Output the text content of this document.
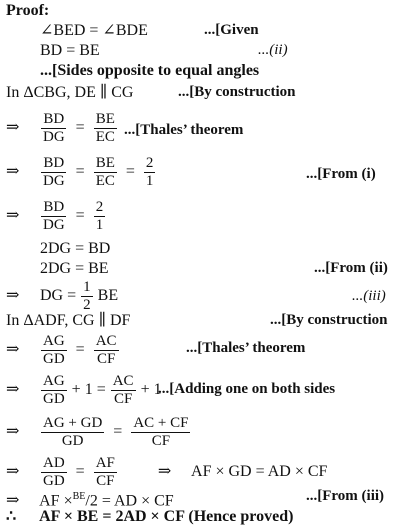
Proof:
∠BED = ∠BDE	...[Given
BD = BE	...(ii)
...[Sides opposite to equal angles
In ΔCBG, DE ∥ CG	...[By construction
⇒ $\frac{BD}{DG} = \frac{BE}{EC}$ ...[Thales’ theorem
⇒ $\frac{BD}{DG} = \frac{BE}{EC} = \frac{2}{1}$	...[From (i)
⇒ $\frac{BD}{DG} = \frac{2}{1}$
2DG = BD
2DG = BE	...[From (ii)
⇒ DG = $\frac{1}{2}$ BE	...(iii)
In ΔADF, CG ∥ DF	...[By construction
⇒ $\frac{AG}{GD} = \frac{AC}{CF}$	...[Thales’ theorem
⇒ $\frac{AG}{GD} + 1 = \frac{AC}{CF} + 1$
...[Adding one on both sides
⇒ $\frac{AG + GD}{GD} = \frac{AC + CF}{CF}$
⇒ $\frac{AD}{GD} = \frac{AF}{CF}$	⇒ AF × GD = AD × CF
⇒ AF ×$^{BE}$/2 = AD × CF	...[From (iii)
∴ AF × BE = 2AD × CF (Hence proved)
